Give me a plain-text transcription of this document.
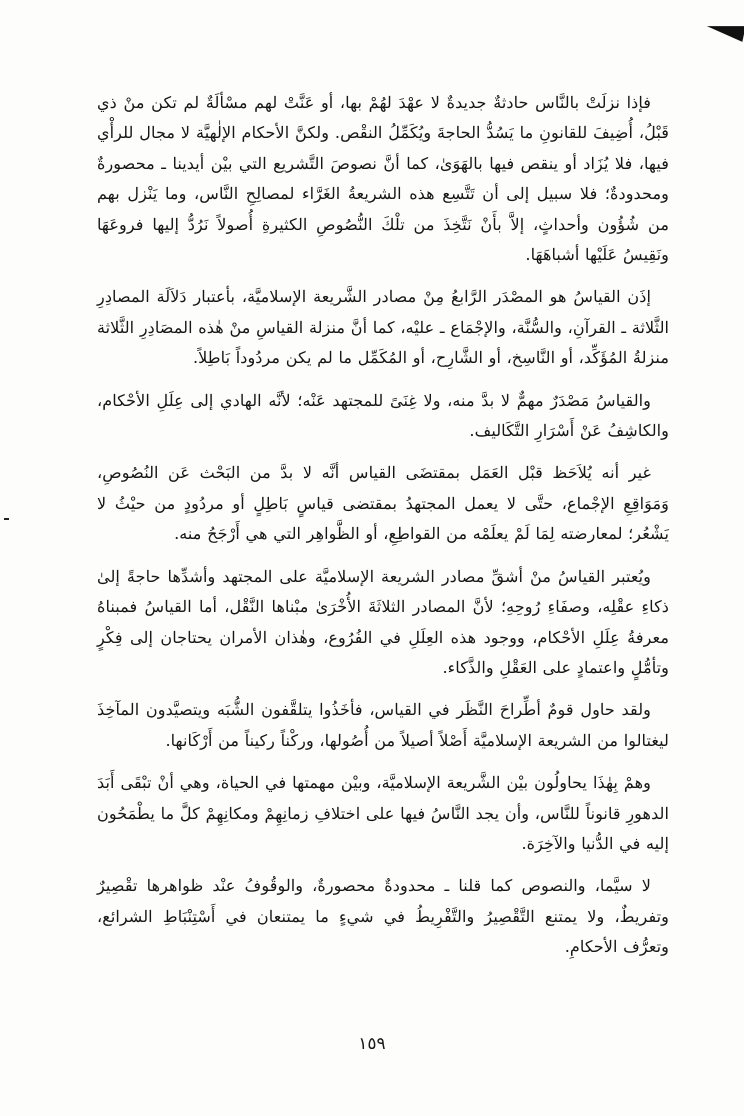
فإذا نزلَتْ بالنَّاس حادثةٌ جديدةٌ لا عهْدَ لهُمْ بها، أو عَنَّتْ لهم مسْألَةٌ لم تكن منْ ذي قَبْلُ، أُضِيفَ للقانونِ ما يَسُدُّ الحاجةَ ويُكَمِّلُ النقْص. ولكنَّ الأحكام الإلٰهيَّة لا مجال للرأْي فيها، فلا يُزَاد أو ينقص فيها بالهَوَىٰ، كما أنَّ نصوصَ التَّشريع التي بيْن أيدينا ـ محصورةٌ ومحدودةٌ؛ فلا سبيل إلى أن تَتَّسِع هذه الشريعةُ الغَرَّاء لمصالِحِ النَّاس، وما يَنْزل بهم من شُؤُون وأحداثٍ، إلاَّ بأَنْ نَتَّخِذَ من تلْكَ النُّصُوصِ الكثيرةِ أُصولاً نَرُدُّ إليها فروعَهَا ونَقِيسُ عَلَيْها أشباهَهَا.

إذَن القياسُ هو المصْدَر الرَّابعُ مِنْ مصادر الشَّريعة الإسلاميَّة، بأعتبار دَلاَلَة المصادِرِ الثَّلاثة ـ القرآنِ، والسُّنَّة، والإجْمَاع ـ عليْه، كما أنَّ منزلة القياسِ منْ هٰذه المصَادِرِ الثَّلاثة منزلةُ المُؤَكِّد، أو النَّاسِخ، أو الشَّارِح، أو المُكَمِّل ما لم يكن مردُوداً بَاطِلاً.

والقياسُ مَصْدَرٌ مهمٌّ لا بدَّ منه، ولا غِنَىً للمجتهد عَنْه؛ لأنَّه الهادي إلى عِلَلِ الأحْكام، والكاشِفُ عَنْ أَسْرَارِ التَّكَاليف.

غير أنه يُلاَحَظ قبْل العَمَل بمقتضَى القياس أنَّه لا بدَّ من البَحْث عَن النُصُوصِ، وَمَوَاقِعِ الإجْماع، حتَّى لا يعمل المجتهدُ بمقتضى قياسٍ بَاطِلٍ أو مردُودٍ من حيْثُ لا يَشْعُر؛ لمعارضته لِمَا لَمْ يعلَمْه من القواطِعِ، أو الظَّواهِر التي هي أَرْجَحُ منه.

ويُعتبر القياسُ منْ أشقِّ مصادر الشريعة الإسلاميَّة على المجتهد وأشدِّها حاجةً إلىٰ ذكاءِ عقْلِه، وصفَاءِ رُوحِهِ؛ لأنَّ المصادر الثلاثَةَ الأُخْرَىٰ مبْناها النَّقْل، أما القياسُ فمبناهُ معرفةُ عِلَلِ الأحْكام، ووجود هذه العِلَلِ في الفُرُوع، وهٰذان الأمران يحتاجان إلى فِكْرٍ وتأمُّلٍ واعتمادٍ على العَقْلِ والذَّكاء.

ولقد حاول قومٌ أطِّراحَ النَّظَر في القياس، فأخَذُوا يتلقَّفون الشُّبَه ويتصيَّدون المآخِذَ ليغتالوا من الشريعة الإسلاميَّة أَصْلاً أصيلاً من أُصُولها، وركْناً ركيناً من أَرْكَانها.

وهمْ بِهٰذَا يحاولُون بيْن الشَّريعة الإسلاميَّة، وبيْن مهمتها في الحياة، وهي أنْ تبْقَى أَبَدَ الدهورِ قانوناً للنَّاس، وأن يجد النَّاسُ فيها على اختلافِ زمانِهِمْ ومكانِهِمْ كلَّ ما يطْمَحُون إليه في الدُّنيا والآخِرَة.

لا سيَّما، والنصوص كما قلنا ـ محدودةٌ محصورةٌ، والوقُوفُ عنْد ظواهرها تقْصِيرٌ وتفريطٌ، ولا يمتنع التَّقْصِيرُ والتَّفْرِيطُ في شيءٍ ما يمتنعان في أَسْتِنْبَاطِ الشرائع، وتعرُّف الأحكامِ.

١٥٩
